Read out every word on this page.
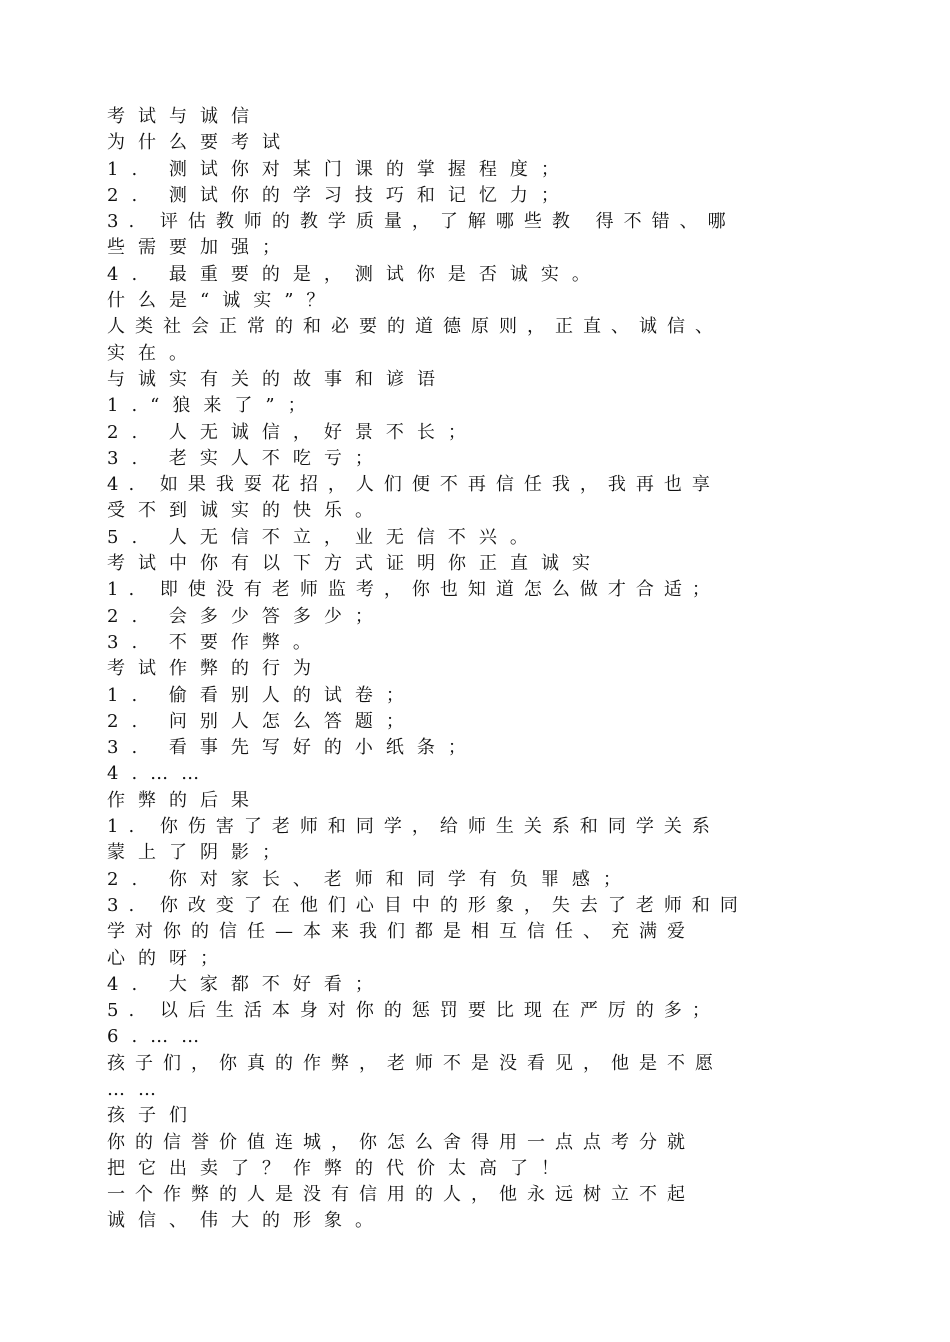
考试与诚信
为什么要考试
1. 测试你对某门课的掌握程度；
2. 测试你的学习技巧和记忆力；
3. 评估教师的教学质量，了解哪些教 得不错、哪
些需要加强；
4. 最重要的是，测试你是否诚实。
什么是“诚实”？
人类社会正常的和必要的道德原则，正直、诚信、
实在。
与诚实有关的故事和谚语
1.“狼来了”；
2. 人无诚信，好景不长；
3. 老实人不吃亏；
4. 如果我耍花招，人们便不再信任我，我再也享
受不到诚实的快乐。
5. 人无信不立，业无信不兴。
考试中你有以下方式证明你正直诚实
1. 即使没有老师监考，你也知道怎么做才合适；
2. 会多少答多少；
3. 不要作弊。
考试作弊的行为
1. 偷看别人的试卷；
2. 问别人怎么答题；
3. 看事先写好的小纸条；
4.……
作弊的后果
1. 你伤害了老师和同学，给师生关系和同学关系
蒙上了阴影；
2. 你对家长、老师和同学有负罪感；
3. 你改变了在他们心目中的形象，失去了老师和同
学对你的信任—本来我们都是相互信任、充满爱
心的呀；
4. 大家都不好看；
5. 以后生活本身对你的惩罚要比现在严厉的多；
6.……
孩子们，你真的作弊，老师不是没看见，他是不愿
……
孩子们
你的信誉价值连城，你怎么舍得用一点点考分就
把它出卖了？作弊的代价太高了！
一个作弊的人是没有信用的人，他永远树立不起
诚信、伟大的形象。
